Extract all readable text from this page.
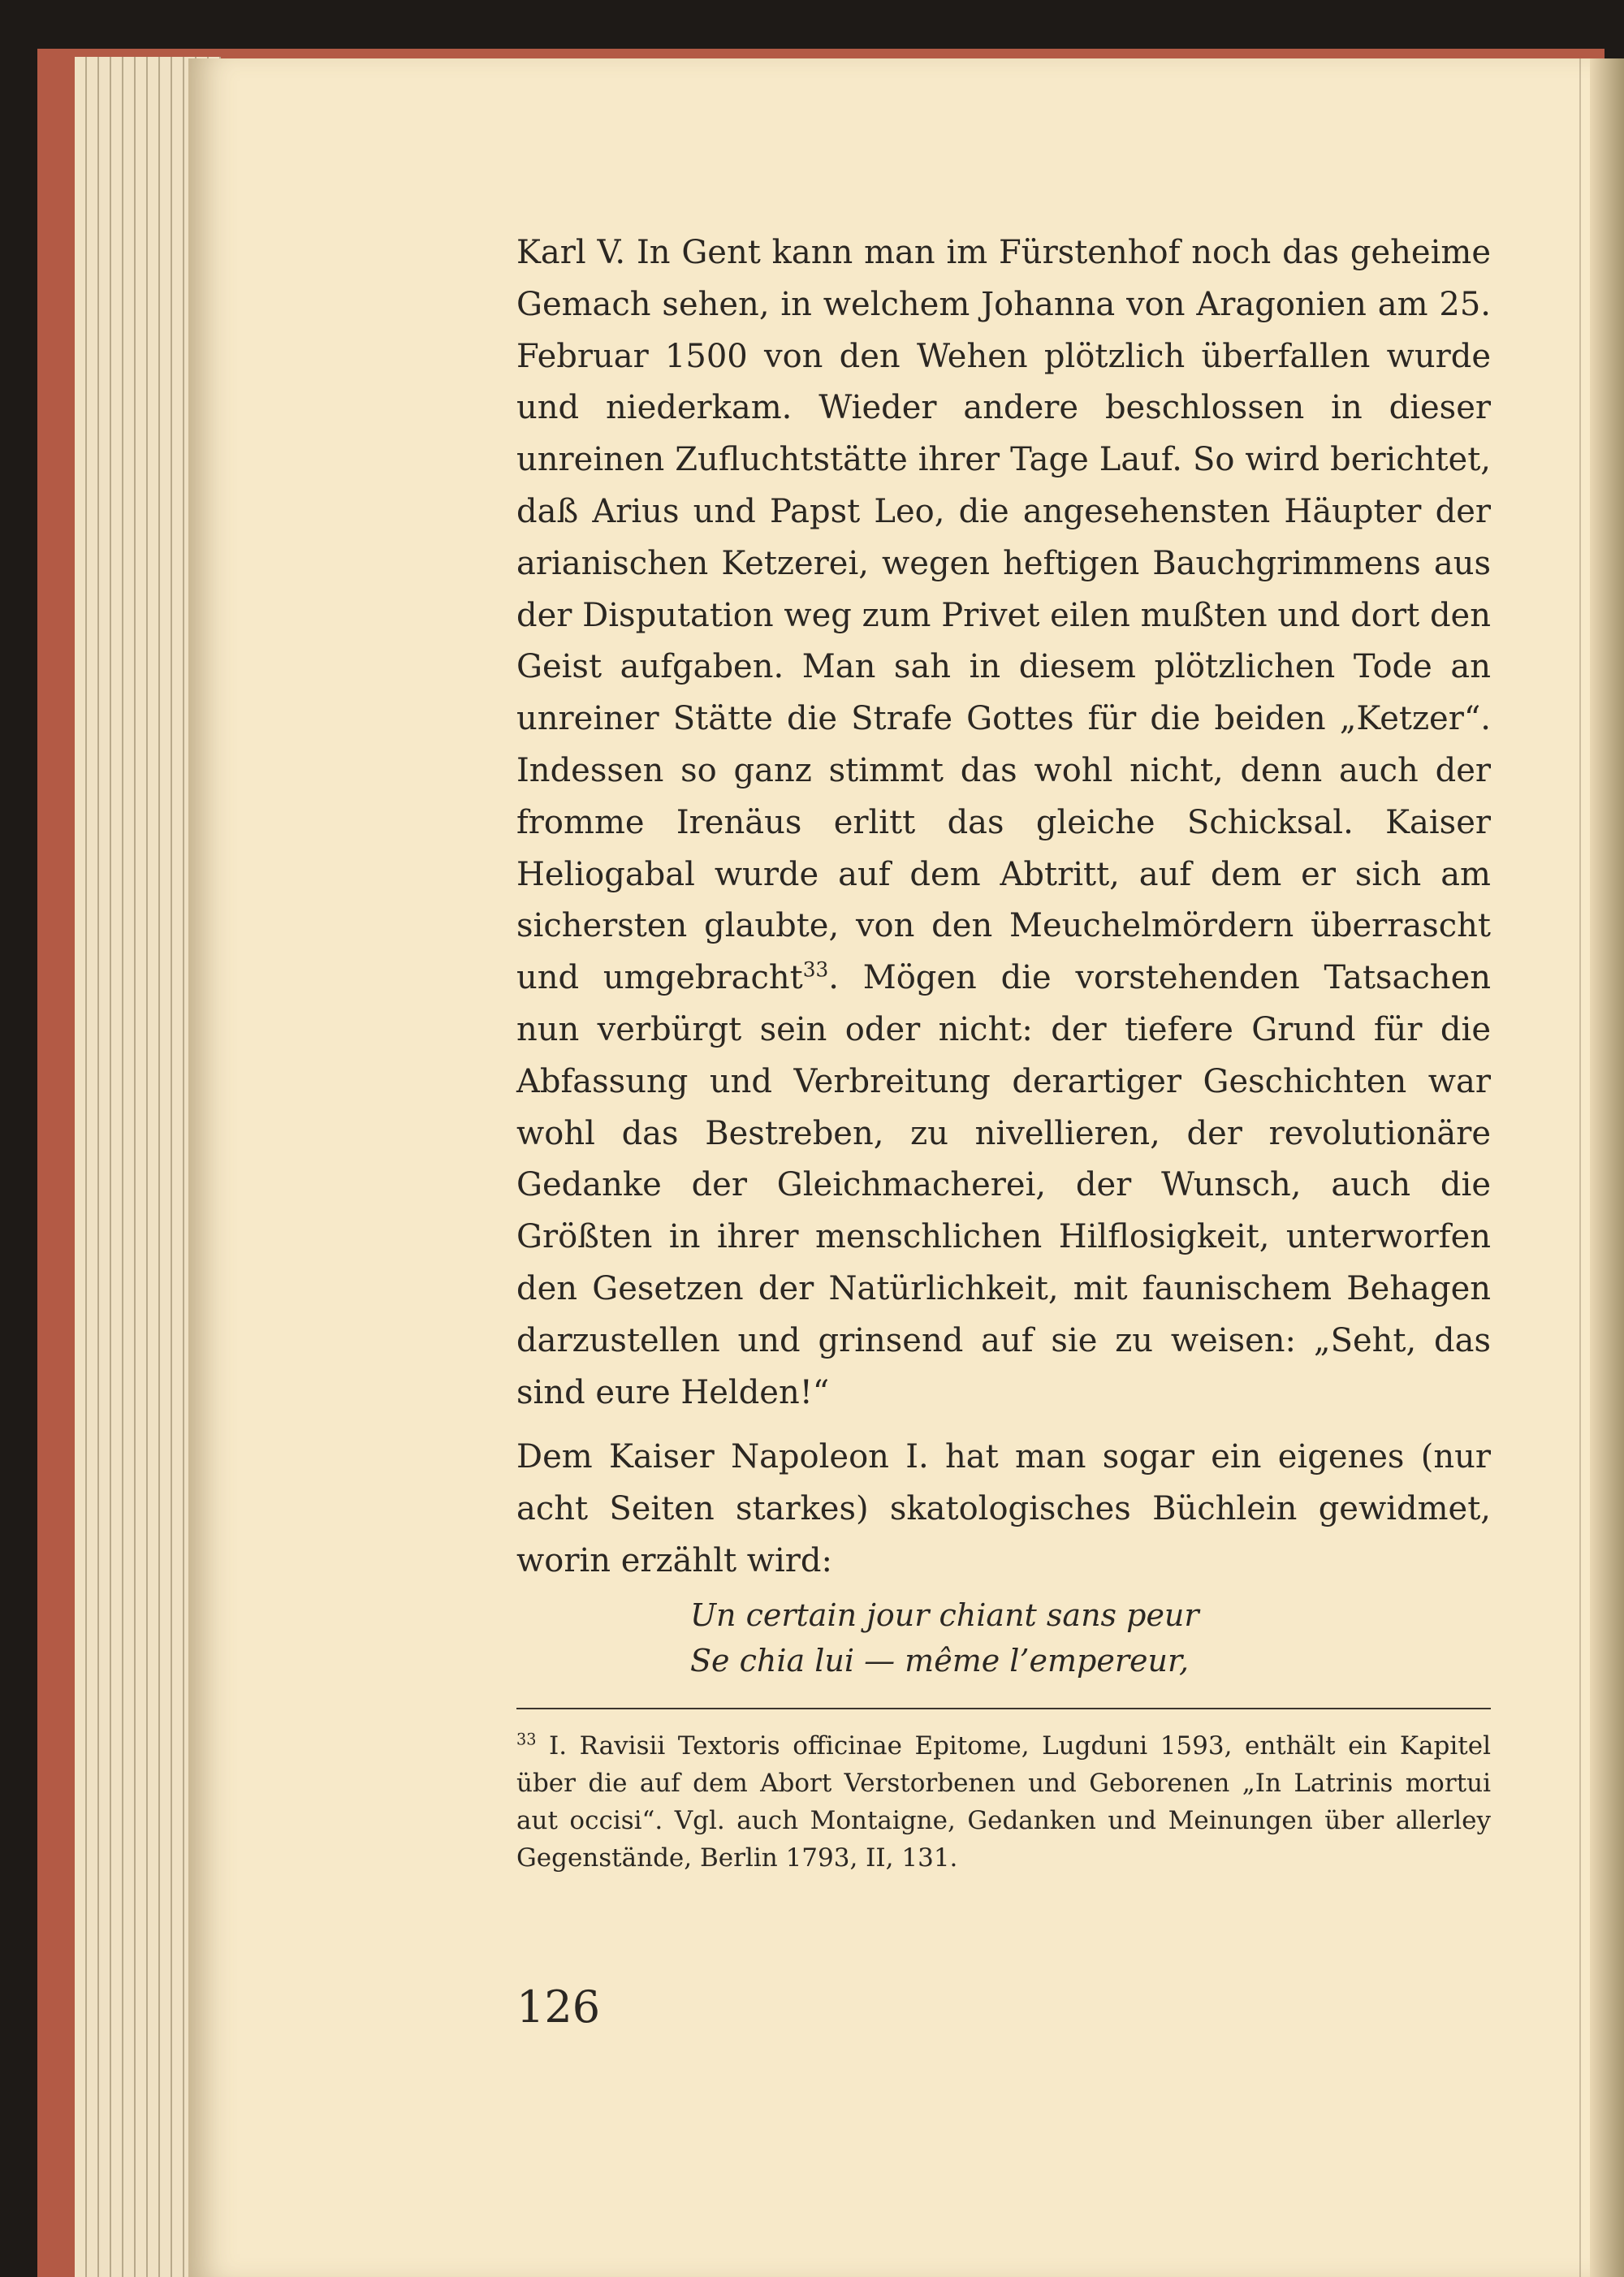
Karl V. In Gent kann man im Fürstenhof noch das geheime Gemach sehen, in welchem Johanna von Aragonien am 25. Februar 1500 von den Wehen plötzlich überfallen wurde und niederkam. Wieder andere beschlossen in dieser unreinen Zufluchtstätte ihrer Tage Lauf. So wird berichtet, daß Arius und Papst Leo, die angesehensten Häupter der arianischen Ketzerei, wegen heftigen Bauchgrimmens aus der Disputation weg zum Privet eilen mußten und dort den Geist aufgaben. Man sah in diesem plötzlichen Tode an unreiner Stätte die Strafe Gottes für die beiden „Ketzer“. Indessen so ganz stimmt das wohl nicht, denn auch der fromme Irenäus erlitt das gleiche Schicksal. Kaiser Heliogabal wurde auf dem Abtritt, auf dem er sich am sichersten glaubte, von den Meuchelmördern überrascht und umgebracht$^{33}$. Mögen die vorstehenden Tatsachen nun verbürgt sein oder nicht: der tiefere Grund für die Abfassung und Verbreitung derartiger Geschichten war wohl das Bestreben, zu nivellieren, der revolutionäre Gedanke der Gleichmacherei, der Wunsch, auch die Größten in ihrer menschlichen Hilflosigkeit, unterworfen den Gesetzen der Natürlichkeit, mit faunischem Behagen darzustellen und grinsend auf sie zu weisen: „Seht, das sind eure Helden!“

Dem Kaiser Napoleon I. hat man sogar ein eigenes (nur acht Seiten starkes) skatologisches Büchlein gewidmet, worin erzählt wird:

Un certain jour chiant sans peur
Se chia lui — même l’empereur,

$^{33}$ I. Ravisii Textoris officinae Epitome, Lugduni 1593, enthält ein Kapitel über die auf dem Abort Verstorbenen und Geborenen „In Latrinis mortui aut occisi“. Vgl. auch Montaigne, Gedanken und Meinungen über allerley Gegenstände, Berlin 1793, II, 131.

126
